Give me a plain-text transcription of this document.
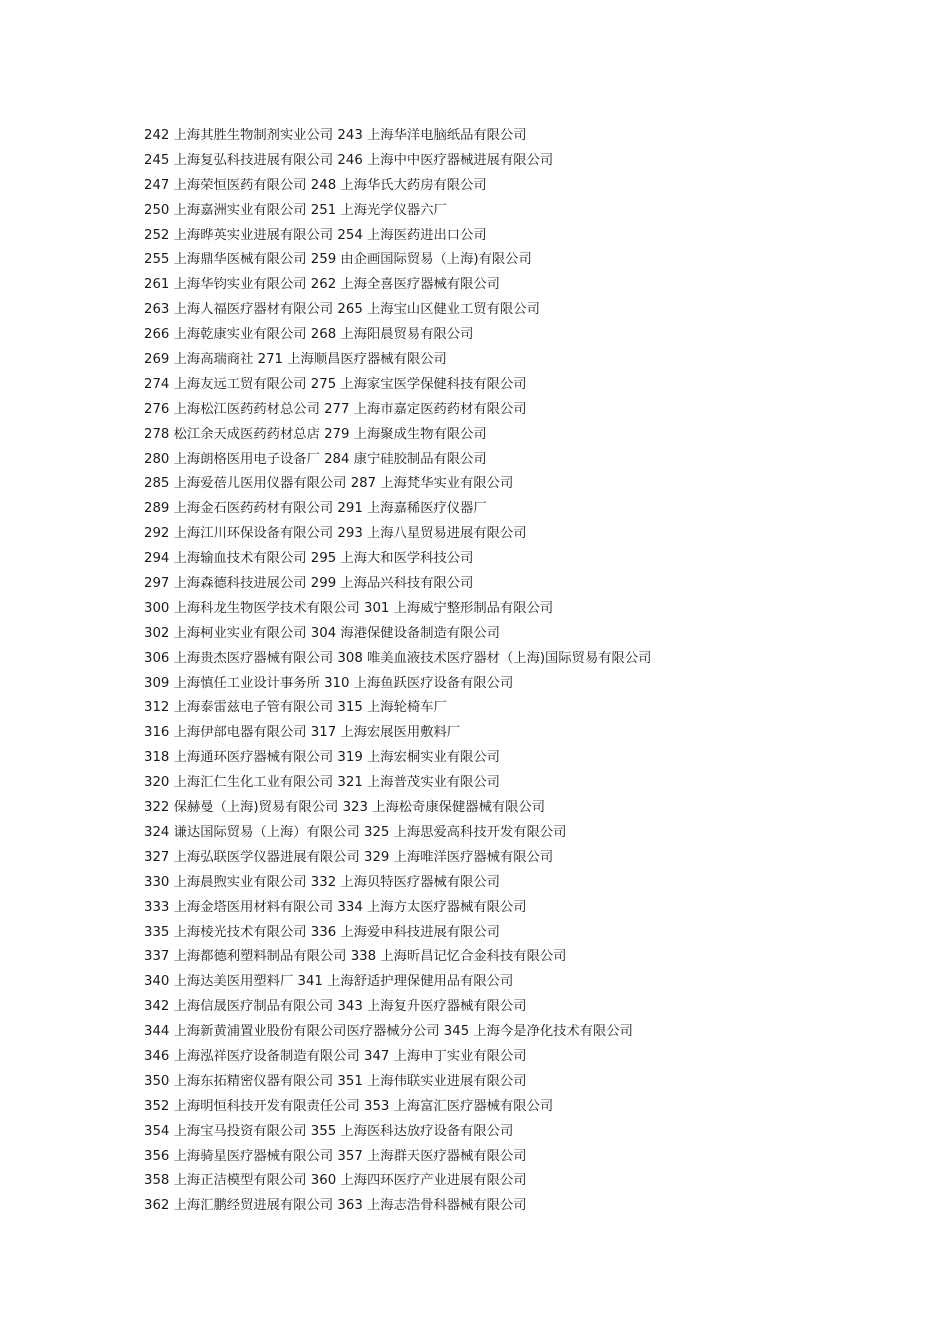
242 上海其胜生物制剂实业公司 243 上海华洋电脑纸品有限公司
245 上海复弘科技进展有限公司 246 上海中中医疗器械进展有限公司
247 上海荣恒医药有限公司 248 上海华氏大药房有限公司
250 上海嘉洲实业有限公司 251 上海光学仪器六厂
252 上海晔英实业进展有限公司 254 上海医药进出口公司
255 上海鼎华医械有限公司 259 由企画国际贸易（上海)有限公司
261 上海华钧实业有限公司 262 上海全喜医疗器械有限公司
263 上海人福医疗器材有限公司 265 上海宝山区健业工贸有限公司
266 上海乾康实业有限公司 268 上海阳晨贸易有限公司
269 上海高瑞商社 271 上海顺昌医疗器械有限公司
274 上海友远工贸有限公司 275 上海家宝医学保健科技有限公司
276 上海松江医药药材总公司 277 上海市嘉定医药药材有限公司
278 松江余天成医药药材总店 279 上海聚成生物有限公司
280 上海朗格医用电子设备厂 284 康宁硅胶制品有限公司
285 上海爱蓓儿医用仪器有限公司 287 上海梵华实业有限公司
289 上海金石医药药材有限公司 291 上海嘉稀医疗仪器厂
292 上海江川环保设备有限公司 293 上海八星贸易进展有限公司
294 上海输血技术有限公司 295 上海大和医学科技公司
297 上海森德科技进展公司 299 上海品兴科技有限公司
300 上海科龙生物医学技术有限公司 301 上海威宁整形制品有限公司
302 上海柯业实业有限公司 304 海港保健设备制造有限公司
306 上海贵杰医疗器械有限公司 308 唯美血液技术医疗器材（上海)国际贸易有限公司
309 上海慎任工业设计事务所 310 上海鱼跃医疗设备有限公司
312 上海泰雷兹电子管有限公司 315 上海轮椅车厂
316 上海伊部电器有限公司 317 上海宏展医用敷料厂
318 上海通环医疗器械有限公司 319 上海宏桐实业有限公司
320 上海汇仁生化工业有限公司 321 上海普茂实业有限公司
322 保赫曼（上海)贸易有限公司 323 上海松奇康保健器械有限公司
324 谦达国际贸易（上海）有限公司 325 上海思爱高科技开发有限公司
327 上海弘联医学仪器进展有限公司 329 上海唯洋医疗器械有限公司
330 上海晨煦实业有限公司 332 上海贝特医疗器械有限公司
333 上海金塔医用材料有限公司 334 上海方太医疗器械有限公司
335 上海棱光技术有限公司 336 上海爱申科技进展有限公司
337 上海都德利塑料制品有限公司 338 上海昕昌记忆合金科技有限公司
340 上海达美医用塑料厂 341 上海舒适护理保健用品有限公司
342 上海信晟医疗制品有限公司 343 上海复升医疗器械有限公司
344 上海新黄浦置业股份有限公司医疗器械分公司 345 上海今是净化技术有限公司
346 上海泓祥医疗设备制造有限公司 347 上海申丁实业有限公司
350 上海东拓精密仪器有限公司 351 上海伟联实业进展有限公司
352 上海明恒科技开发有限责任公司 353 上海富汇医疗器械有限公司
354 上海宝马投资有限公司 355 上海医科达放疗设备有限公司
356 上海骑星医疗器械有限公司 357 上海群天医疗器械有限公司
358 上海正洁模型有限公司 360 上海四环医疗产业进展有限公司
362 上海汇鹏经贸进展有限公司 363 上海志浩骨科器械有限公司
